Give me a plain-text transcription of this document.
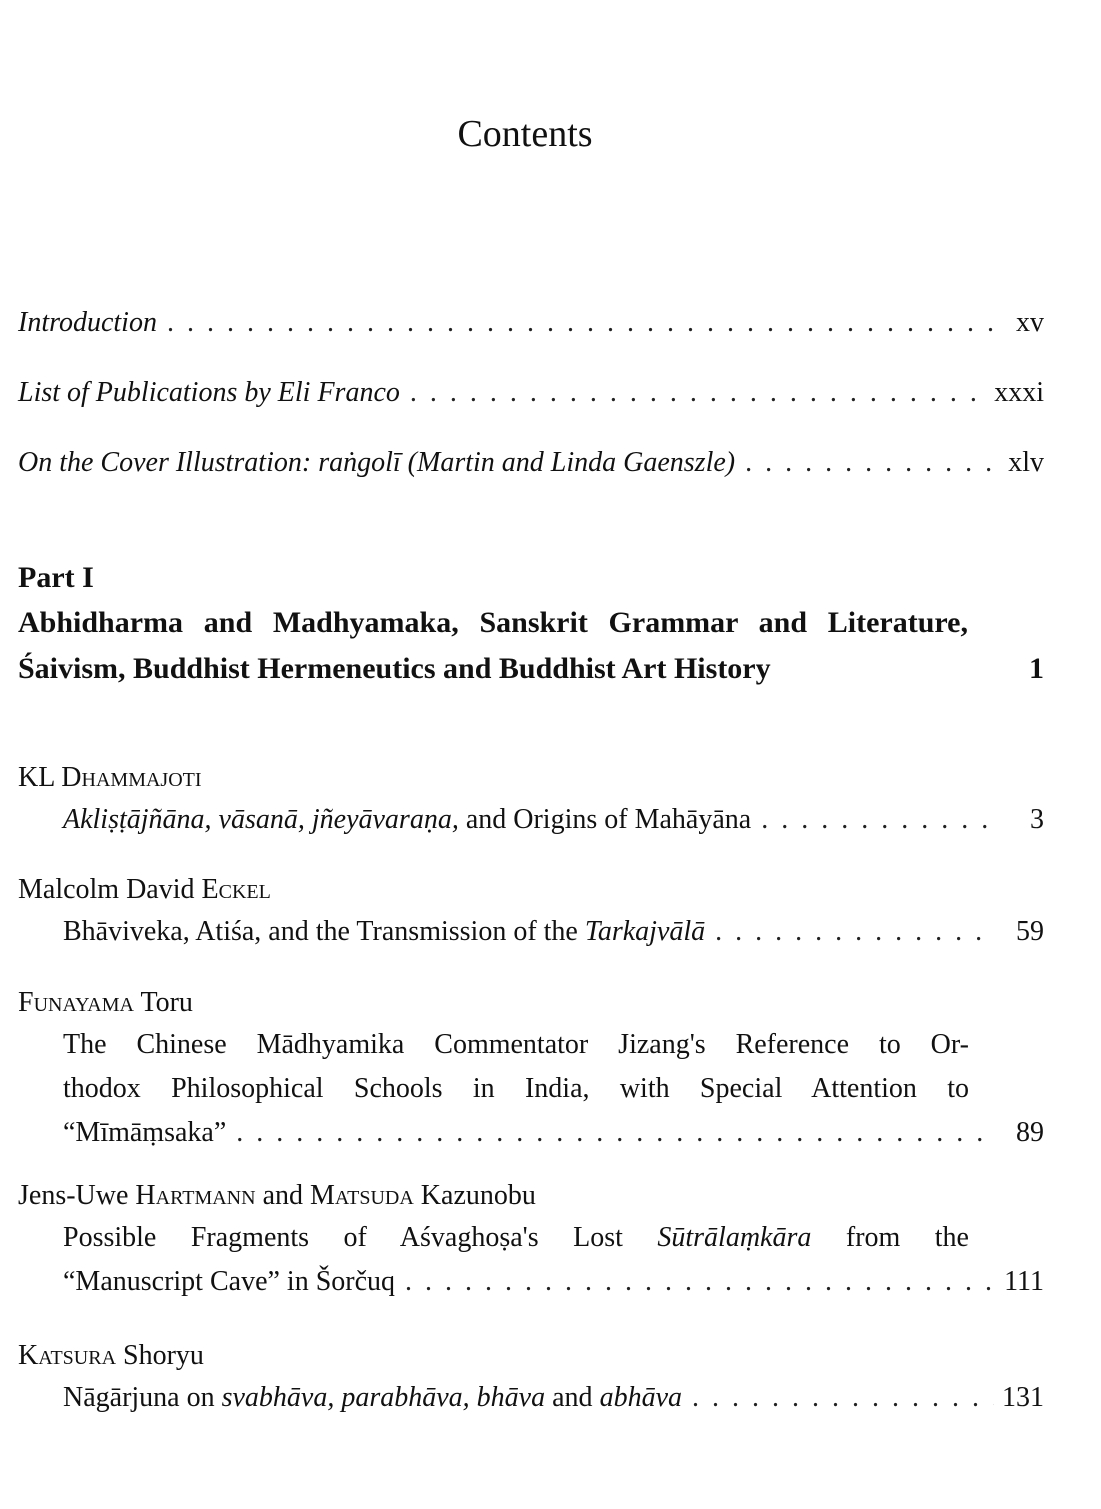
Contents
Introduction . . .	xv
List of Publications by Eli Franco . . .	xxxi
On the Cover Illustration: raṅgolī (Martin and Linda Gaenszle) . . .	xlv
Part I
Abhidharma and Madhyamaka, Sanskrit Grammar and Literature, Śaivism, Buddhist Hermeneutics and Buddhist Art History	1
KL Dhammajoti
Akliṣṭājñāna, vāsanā, jñeyāvaraṇa, and Origins of Mahāyāna . . .	3
Malcolm David Eckel
Bhāviveka, Atiśa, and the Transmission of the Tarkajvālā . . .	59
Funayama Toru
The Chinese Mādhyamika Commentator Jizang's Reference to Or-
thodox Philosophical Schools in India, with Special Attention to
“Mīmāṃsaka” . . .	89
Jens-Uwe Hartmann and Matsuda Kazunobu
Possible Fragments of Aśvaghoṣa's Lost Sūtrālaṃkāra from the
“Manuscript Cave” in Šorčuq . . .	111
Katsura Shoryu
Nāgārjuna on svabhāva, parabhāva, bhāva and abhāva . . .	131
